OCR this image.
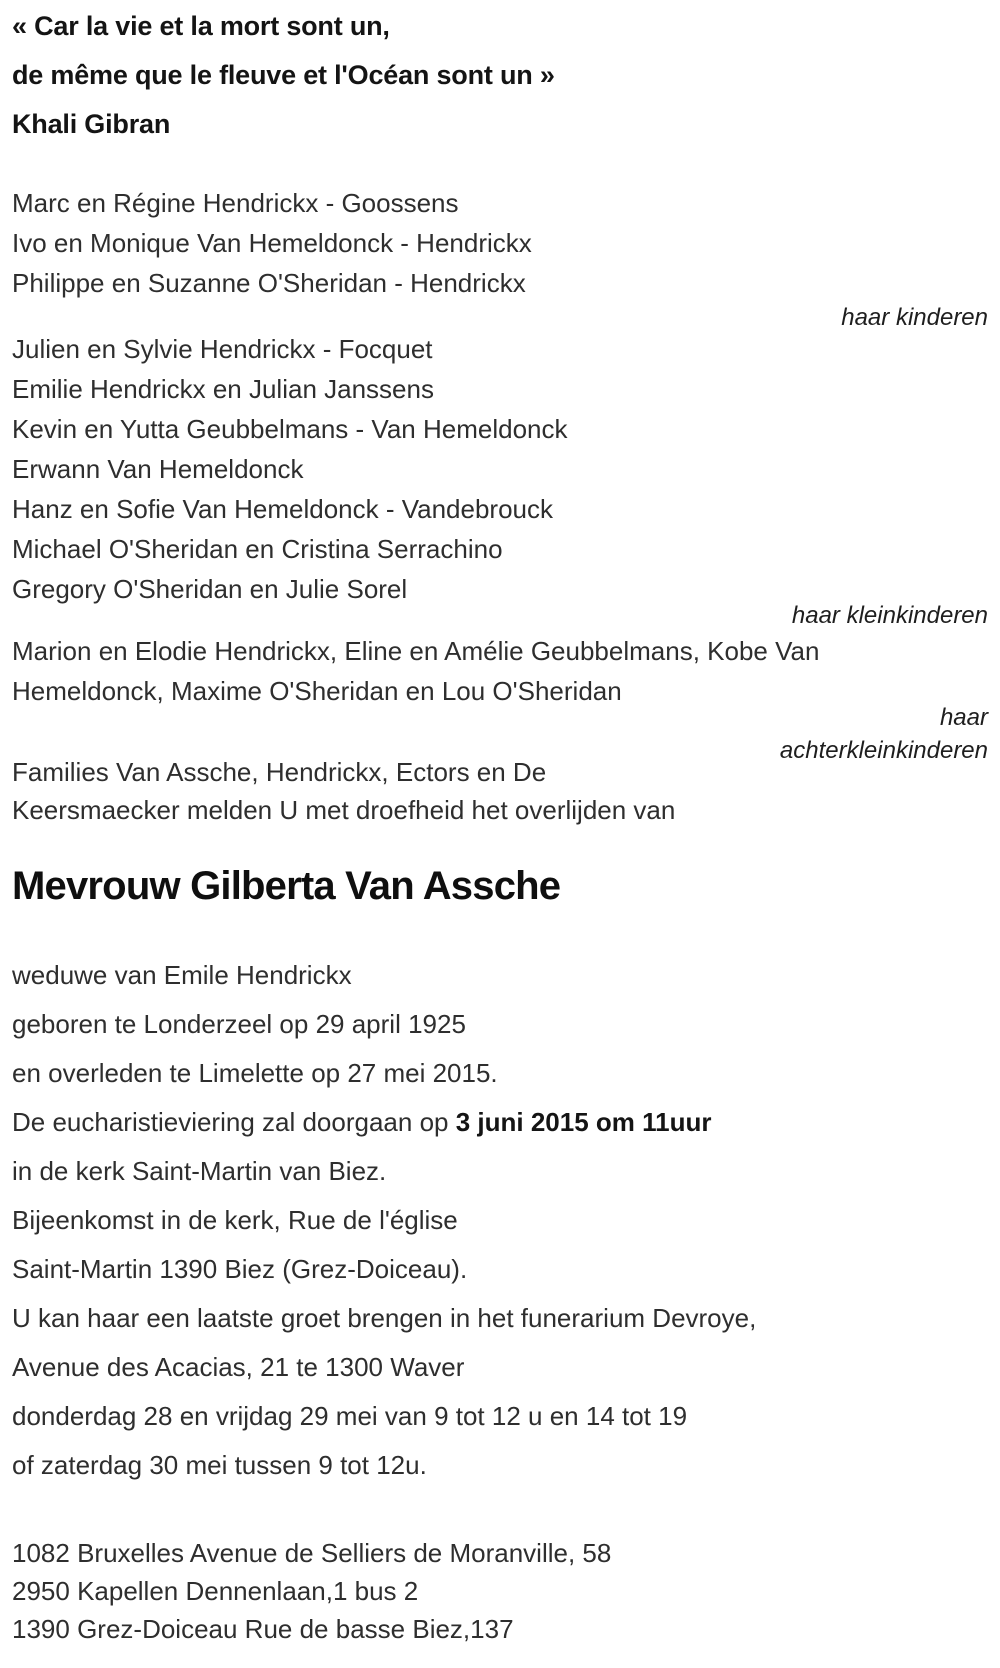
« Car la vie et la mort sont un,

de même que le fleuve et l'Océan sont un »

Khali Gibran

Marc en Régine Hendrickx - Goossens
Ivo en Monique Van Hemeldonck - Hendrickx
Philippe en Suzanne O'Sheridan - Hendrickx
haar kinderen
Julien en Sylvie Hendrickx - Focquet
Emilie Hendrickx en Julian Janssens
Kevin en Yutta Geubbelmans - Van Hemeldonck
Erwann Van Hemeldonck
Hanz en Sofie Van Hemeldonck - Vandebrouck
Michael O'Sheridan en Cristina Serrachino
Gregory O'Sheridan en Julie Sorel
haar kleinkinderen
Marion en Elodie Hendrickx, Eline en Amélie Geubbelmans, Kobe Van
Hemeldonck, Maxime O'Sheridan en Lou O'Sheridan
haar
achterkleinkinderen
Families Van Assche, Hendrickx, Ectors en De
Keersmaecker melden U met droefheid het overlijden van
Mevrouw Gilberta Van Assche
weduwe van Emile Hendrickx
geboren te Londerzeel op 29 april 1925
en overleden te Limelette op 27 mei 2015.
De eucharistieviering zal doorgaan op 3 juni 2015 om 11uur
in de kerk Saint-Martin van Biez.
Bijeenkomst in de kerk, Rue de l'église
Saint-Martin 1390 Biez (Grez-Doiceau).
U kan haar een laatste groet brengen in het funerarium Devroye,
Avenue des Acacias, 21 te 1300 Waver
donderdag 28 en vrijdag 29 mei van 9 tot 12 u en 14 tot 19
of zaterdag 30 mei tussen 9 tot 12u.
1082 Bruxelles Avenue de Selliers de Moranville, 58
2950 Kapellen Dennenlaan,1 bus 2
1390 Grez-Doiceau Rue de basse Biez,137
